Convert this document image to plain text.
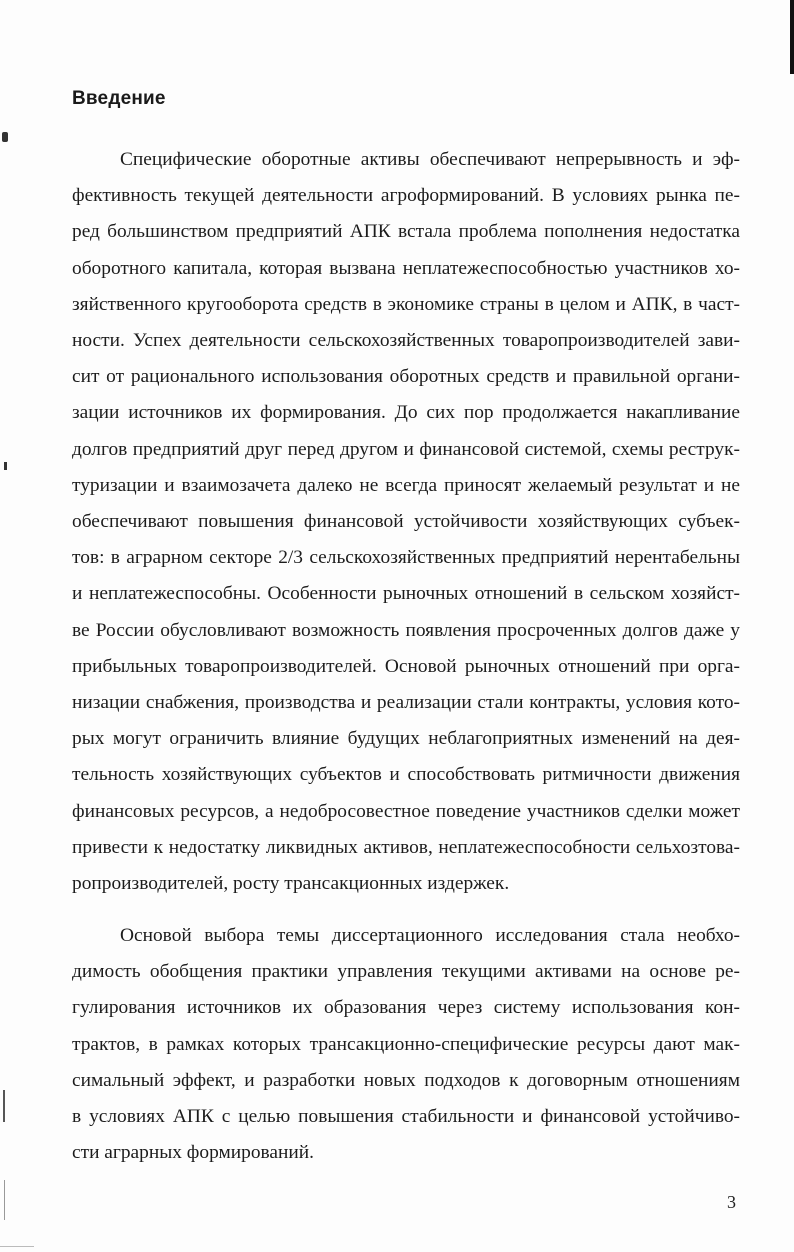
Введение
Специфические оборотные активы обеспечивают непрерывность и эф-
фективность текущей деятельности агроформирований. В условиях рынка пе-
ред большинством предприятий АПК встала проблема пополнения недостатка
оборотного капитала, которая вызвана неплатежеспособностью участников хо-
зяйственного кругооборота средств в экономике страны в целом и АПК, в част-
ности. Успех деятельности сельскохозяйственных товаропроизводителей зави-
сит от рационального использования оборотных средств и правильной органи-
зации источников их формирования. До сих пор продолжается накапливание
долгов предприятий друг перед другом и финансовой системой, схемы реструк-
туризации и взаимозачета далеко не всегда приносят желаемый результат и не
обеспечивают повышения финансовой устойчивости хозяйствующих субъек-
тов: в аграрном секторе 2/3 сельскохозяйственных предприятий нерентабельны
и неплатежеспособны. Особенности рыночных отношений в сельском хозяйст-
ве России обусловливают возможность появления просроченных долгов даже у
прибыльных товаропроизводителей. Основой рыночных отношений при орга-
низации снабжения, производства и реализации стали контракты, условия кото-
рых могут ограничить влияние будущих неблагоприятных изменений на дея-
тельность хозяйствующих субъектов и способствовать ритмичности движения
финансовых ресурсов, а недобросовестное поведение участников сделки может
привести к недостатку ликвидных активов, неплатежеспособности сельхозтова-
ропроизводителей, росту трансакционных издержек.
Основой выбора темы диссертационного исследования стала необхо-
димость обобщения практики управления текущими активами на основе ре-
гулирования источников их образования через систему использования кон-
трактов, в рамках которых трансакционно-специфические ресурсы дают мак-
симальный эффект, и разработки новых подходов к договорным отношениям
в условиях АПК с целью повышения стабильности и финансовой устойчиво-
сти аграрных формирований.
3
